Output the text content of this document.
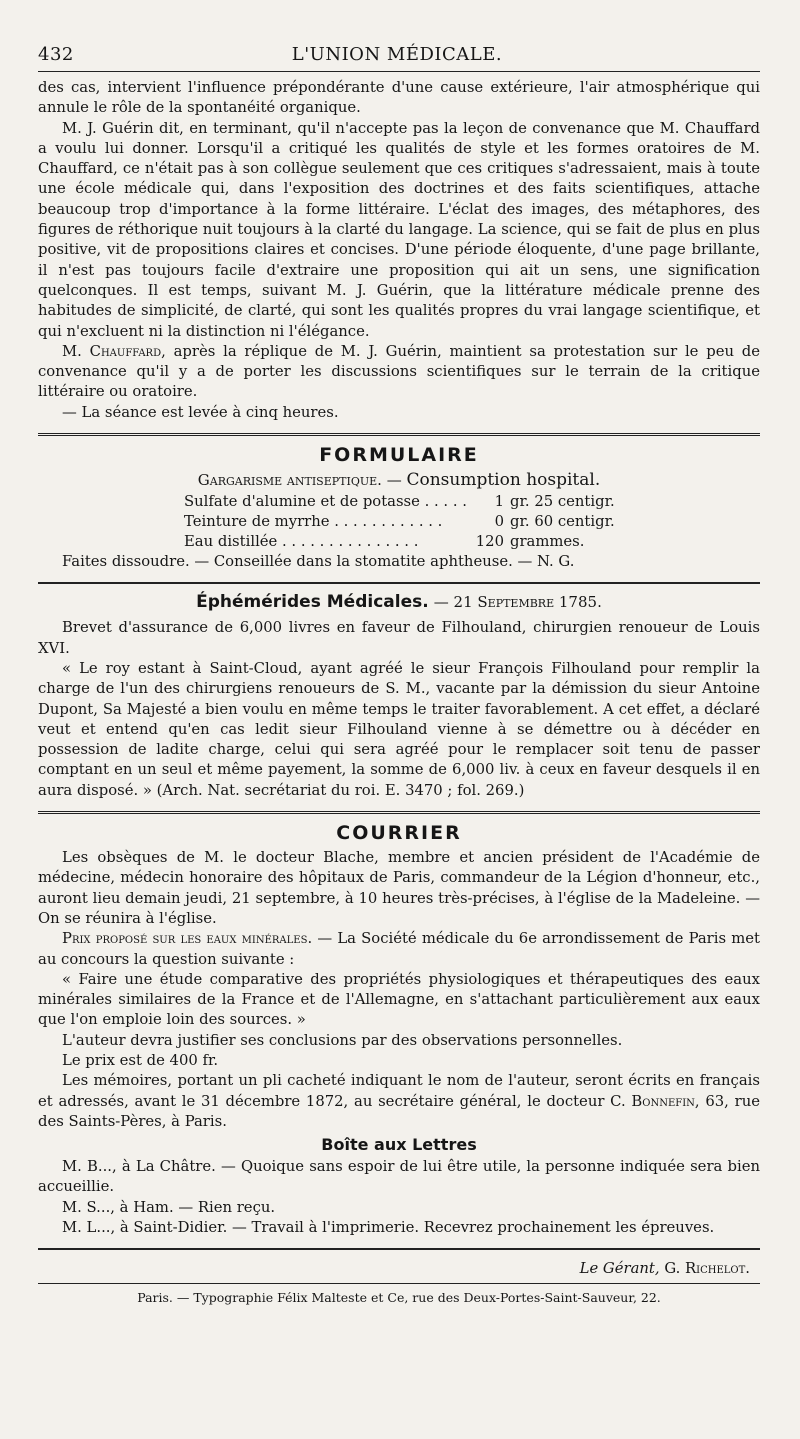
432	L'UNION MÉDICALE.

des cas, intervient l'influence prépondérante d'une cause extérieure, l'air atmosphérique qui annule le rôle de la spontanéité organique.

M. J. Guérin dit, en terminant, qu'il n'accepte pas la leçon de convenance que M. Chauffard a voulu lui donner. Lorsqu'il a critiqué les qualités de style et les formes oratoires de M. Chauffard, ce n'était pas à son collègue seulement que ces critiques s'adressaient, mais à toute une école médicale qui, dans l'exposition des doctrines et des faits scientifiques, attache beaucoup trop d'importance à la forme littéraire. L'éclat des images, des métaphores, des figures de réthorique nuit toujours à la clarté du langage. La science, qui se fait de plus en plus positive, vit de propositions claires et concises. D'une période éloquente, d'une page brillante, il n'est pas toujours facile d'extraire une proposition qui ait un sens, une signification quelconques. Il est temps, suivant M. J. Guérin, que la littérature médicale prenne des habitudes de simplicité, de clarté, qui sont les qualités propres du vrai langage scientifique, et qui n'excluent ni la distinction ni l'élégance.

M. Chauffard, après la réplique de M. J. Guérin, maintient sa protestation sur le peu de convenance qu'il y a de porter les discussions scientifiques sur le terrain de la critique littéraire ou oratoire.

— La séance est levée à cinq heures.

FORMULAIRE
Gargarisme antiseptique. — Consumption hospital.
Sulfate d'alumine et de potasse . . . . .	1 gr. 25 centigr.
Teinture de myrrhe . . . . . . . . . . . .	0 gr. 60 centigr.
Eau distillée . . . . . . . . . . . . . . .	120 grammes.

Faites dissoudre. — Conseillée dans la stomatite aphtheuse. — N. G.

Éphémérides Médicales. — 21 Septembre 1785.

Brevet d'assurance de 6,000 livres en faveur de Filhouland, chirurgien renoueur de Louis XVI.

« Le roy estant à Saint-Cloud, ayant agréé le sieur François Filhouland pour remplir la charge de l'un des chirurgiens renoueurs de S. M., vacante par la démission du sieur Antoine Dupont, Sa Majesté a bien voulu en même temps le traiter favorablement. A cet effet, a déclaré veut et entend qu'en cas ledit sieur Filhouland vienne à se démettre ou à décéder en possession de ladite charge, celui qui sera agréé pour le remplacer soit tenu de passer comptant en un seul et même payement, la somme de 6,000 liv. à ceux en faveur desquels il en aura disposé. » (Arch. Nat. secrétariat du roi. E. 3470 ; fol. 269.)

COURRIER

Les obsèques de M. le docteur Blache, membre et ancien président de l'Académie de médecine, médecin honoraire des hôpitaux de Paris, commandeur de la Légion d'honneur, etc., auront lieu demain jeudi, 21 septembre, à 10 heures très-précises, à l'église de la Madeleine. — On se réunira à l'église.

Prix proposé sur les eaux minérales. — La Société médicale du 6e arrondissement de Paris met au concours la question suivante :

« Faire une étude comparative des propriétés physiologiques et thérapeutiques des eaux minérales similaires de la France et de l'Allemagne, en s'attachant particulièrement aux eaux que l'on emploie loin des sources. »

L'auteur devra justifier ses conclusions par des observations personnelles.

Le prix est de 400 fr.

Les mémoires, portant un pli cacheté indiquant le nom de l'auteur, seront écrits en français et adressés, avant le 31 décembre 1872, au secrétaire général, le docteur C. Bonnefin, 63, rue des Saints-Pères, à Paris.

Boîte aux Lettres

M. B..., à La Châtre. — Quoique sans espoir de lui être utile, la personne indiquée sera bien accueillie.

M. S..., à Ham. — Rien reçu.

M. L..., à Saint-Didier. — Travail à l'imprimerie. Recevrez prochainement les épreuves.

Le Gérant, G. Richelot.
Paris. — Typographie Félix Malteste et Ce, rue des Deux-Portes-Saint-Sauveur, 22.
